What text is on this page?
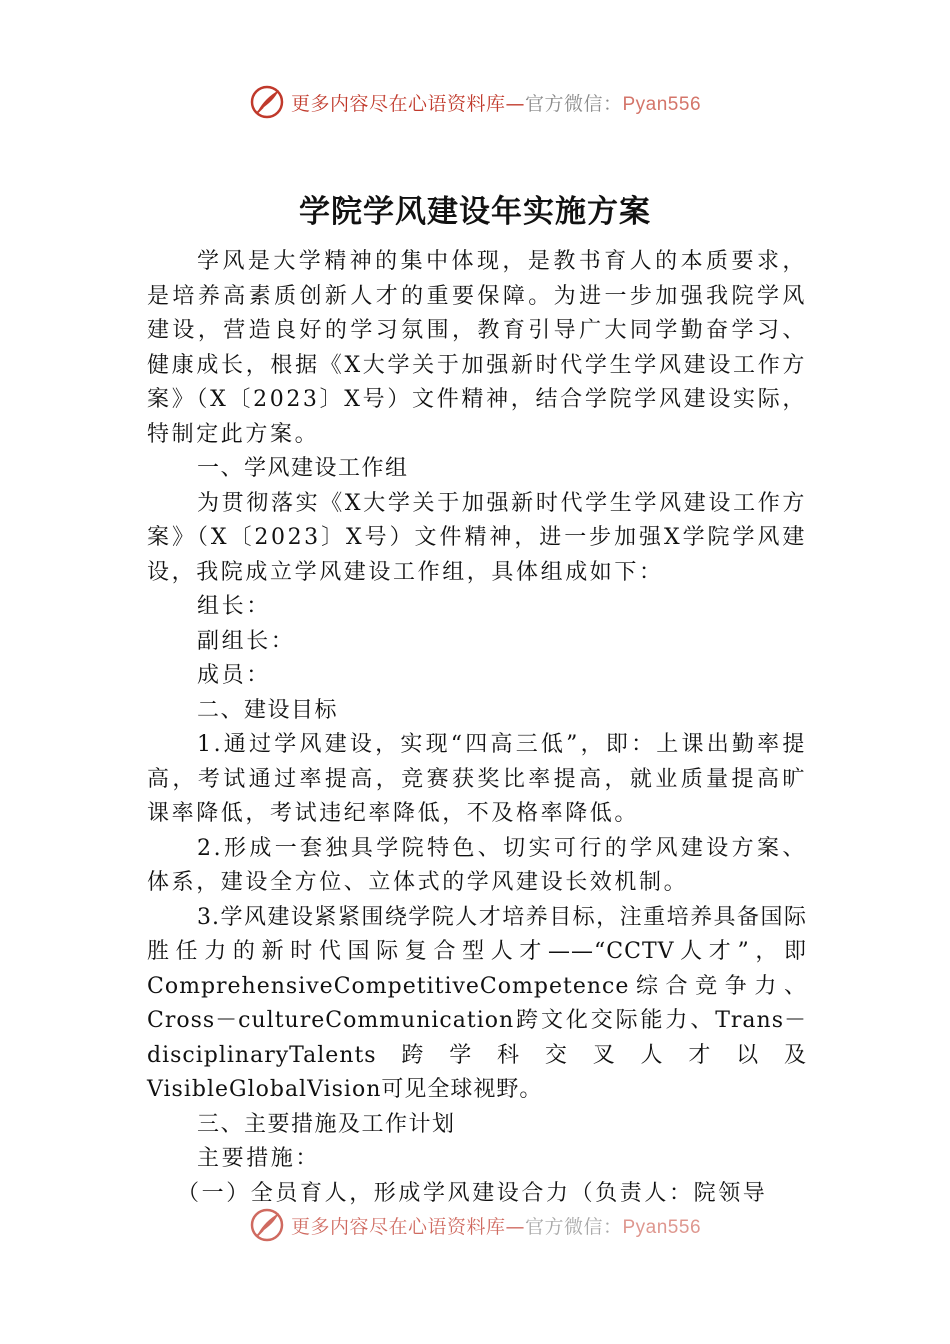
更多内容尽在心语资料库—官方微信：Pyan556
学院学风建设年实施方案

学风是大学精神的集中体现，是教书育人的本质要求，是培养高素质创新人才的重要保障。为进一步加强我院学风建设，营造良好的学习氛围，教育引导广大同学勤奋学习、健康成长，根据《X大学关于加强新时代学生学风建设工作方案》（X〔2023〕X号）文件精神，结合学院学风建设实际，特制定此方案。

一、学风建设工作组

为贯彻落实《X大学关于加强新时代学生学风建设工作方案》（X〔2023〕X号）文件精神，进一步加强X学院学风建设，我院成立学风建设工作组，具体组成如下：

组长：

副组长：

成员：

二、建设目标

1.通过学风建设，实现“四高三低”，即：上课出勤率提高，考试通过率提高，竞赛获奖比率提高，就业质量提高旷课率降低，考试违纪率降低，不及格率降低。

2.形成一套独具学院特色、切实可行的学风建设方案、体系，建设全方位、立体式的学风建设长效机制。

3.学风建设紧紧围绕学院人才培养目标，注重培养具备国际胜任力的新时代国际复合型人才——“CCTV人才”，即ComprehensiveCompetitiveCompetence综合竞争力、Cross－cultureCommunication跨文化交际能力、Trans－disciplinaryTalents跨学科交叉人才以及VisibleGlobalVision可见全球视野。

三、主要措施及工作计划

主要措施：

（一）全员育人，形成学风建设合力（负责人：院领导

更多内容尽在心语资料库—官方微信：Pyan556
